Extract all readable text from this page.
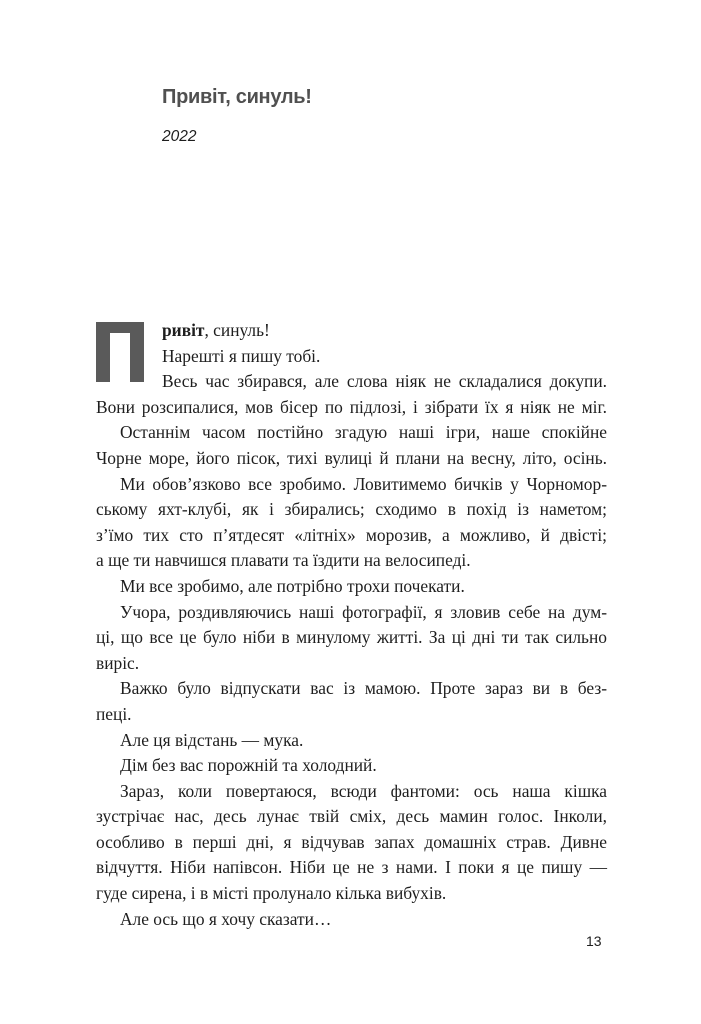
Привіт, синуль!
2022
ривіт, синуль!
Нарешті я пишу тобі.
Весь час збирався, але слова ніяк не складалися докупи.
Вони розсипалися, мов бісер по підлозі, і зібрати їх я ніяк не міг.
Останнім часом постійно згадую наші ігри, наше спокійне
Чорне море, його пісок, тихі вулиці й плани на весну, літо, осінь.
Ми обов’язково все зробимо. Ловитимемо бичків у Чорномор-
ському яхт-клубі, як і збирались; сходимо в похід із наметом;
з’їмо тих сто п’ятдесят «літніх» морозив, а можливо, й двісті;
а ще ти навчишся плавати та їздити на велосипеді.
Ми все зробимо, але потрібно трохи почекати.
Учора, роздивляючись наші фотографії, я зловив себе на дум-
ці, що все це було ніби в минулому житті. За ці дні ти так сильно
виріс.
Важко було відпускати вас із мамою. Проте зараз ви в без-
пеці.
Але ця відстань — мука.
Дім без вас порожній та холодний.
Зараз, коли повертаюся, всюди фантоми: ось наша кішка
зустрічає нас, десь лунає твій сміх, десь мамин голос. Інколи,
особливо в перші дні, я відчував запах домашніх страв. Дивне
відчуття. Ніби напівсон. Ніби це не з нами. І поки я це пишу —
гуде сирена, і в місті пролунало кілька вибухів.
Але ось що я хочу сказати…
13
